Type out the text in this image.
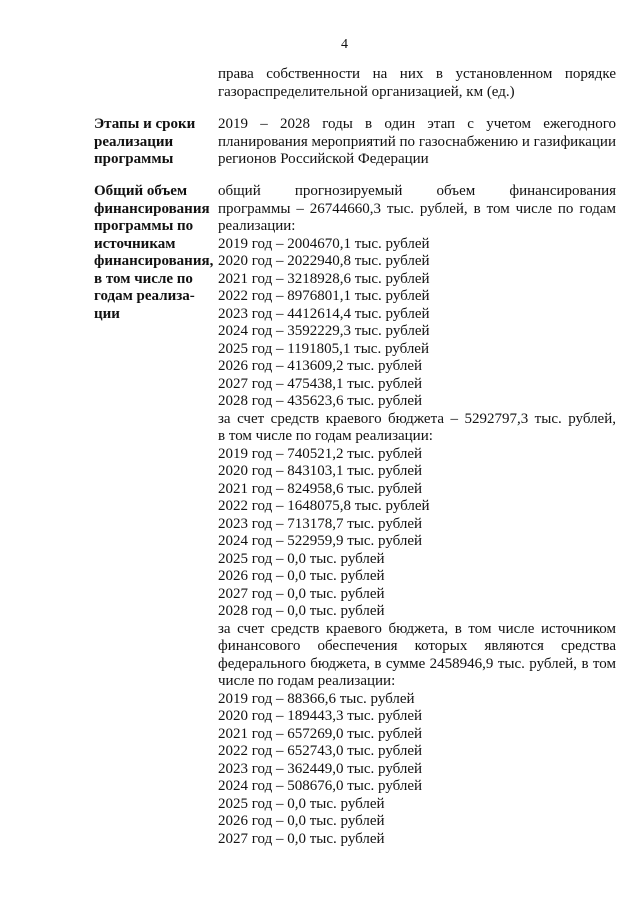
4
права собственности на них в установленном порядке
газораспределительной организацией, км (ед.)
Этапы и сроки
реализации
программы
2019 – 2028 годы в один этап с учетом ежегодного
планирования мероприятий по газоснабжению и газификации
регионов Российской Федерации
Общий объем
финансирования
программы по
источникам
финансирования,
в том числе по
годам реализа-
ции
общий прогнозируемый объем финансирования
программы – 26744660,3 тыс. рублей, в том числе по годам
реализации:
2019 год – 2004670,1 тыс. рублей
2020 год – 2022940,8 тыс. рублей
2021 год – 3218928,6 тыс. рублей
2022 год – 8976801,1 тыс. рублей
2023 год – 4412614,4 тыс. рублей
2024 год – 3592229,3 тыс. рублей
2025 год – 1191805,1 тыс. рублей
2026 год – 413609,2 тыс. рублей
2027 год – 475438,1 тыс. рублей
2028 год – 435623,6 тыс. рублей
за счет средств краевого бюджета – 5292797,3 тыс. рублей,
в том числе по годам реализации:
2019 год – 740521,2 тыс. рублей
2020 год – 843103,1 тыс. рублей
2021 год – 824958,6 тыс. рублей
2022 год – 1648075,8 тыс. рублей
2023 год – 713178,7 тыс. рублей
2024 год – 522959,9 тыс. рублей
2025 год – 0,0 тыс. рублей
2026 год – 0,0 тыс. рублей
2027 год – 0,0 тыс. рублей
2028 год – 0,0 тыс. рублей
за счет средств краевого бюджета, в том числе источником
финансового обеспечения которых являются средства
федерального бюджета, в сумме 2458946,9 тыс. рублей, в том
числе по годам реализации:
2019 год – 88366,6 тыс. рублей
2020 год – 189443,3 тыс. рублей
2021 год – 657269,0 тыс. рублей
2022 год – 652743,0 тыс. рублей
2023 год – 362449,0 тыс. рублей
2024 год – 508676,0 тыс. рублей
2025 год – 0,0 тыс. рублей
2026 год – 0,0 тыс. рублей
2027 год – 0,0 тыс. рублей
